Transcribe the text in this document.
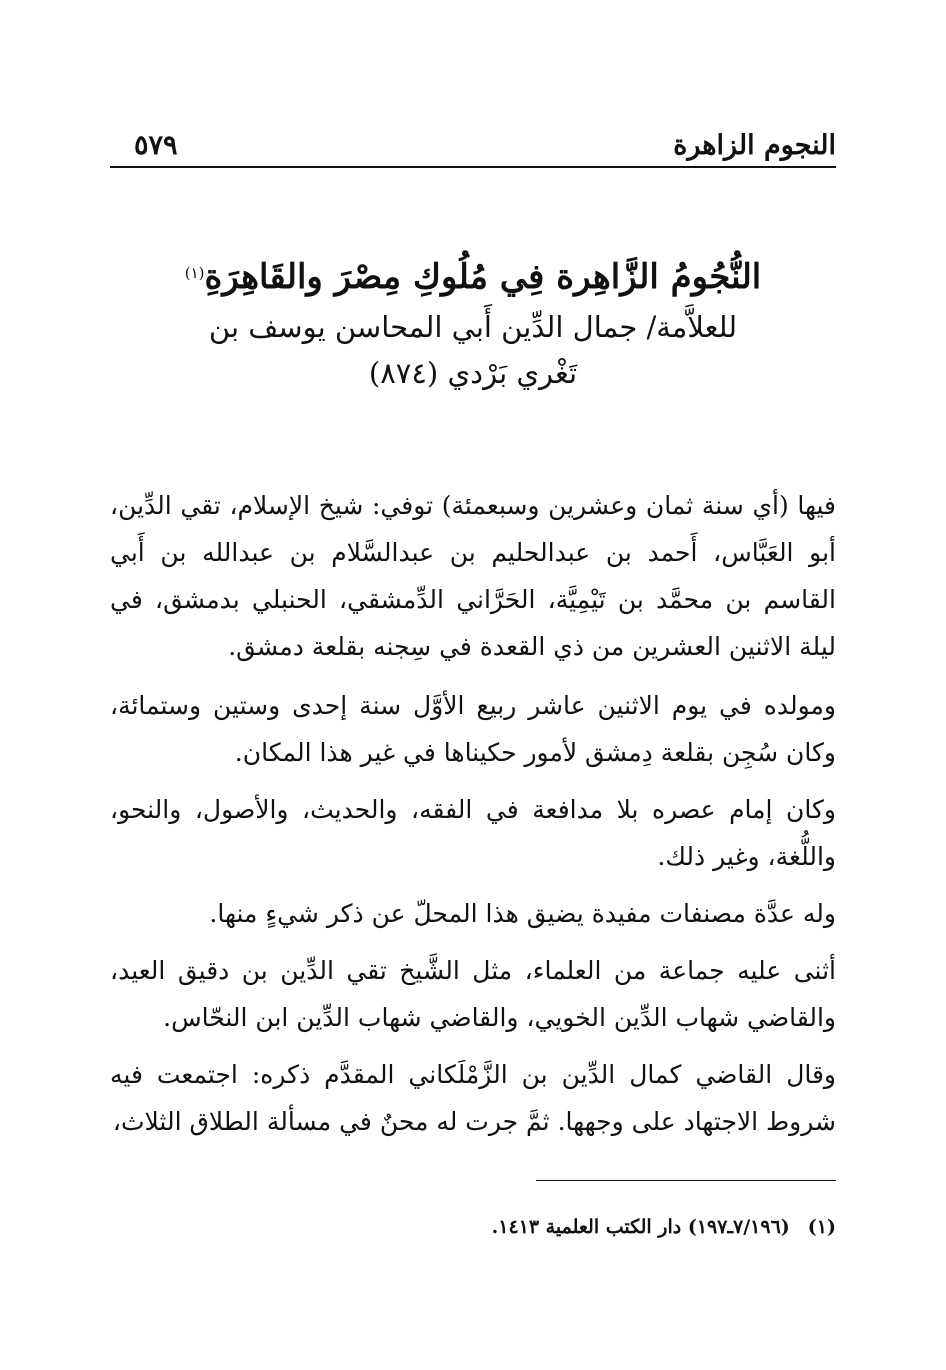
النجوم الزاهرة
٥٧٩

النُّجُومُ الزَّاهِرة فِي مُلُوكِ مِصْرَ والقَاهِرَةِ$^{(١)}$

للعلاَّمة/ جمال الدِّين أَبي المحاسن يوسف بن

تَغْري بَرْدي (٨٧٤)

فيها (أي سنة ثمان وعشرين وسبعمئة) توفي: شيخ الإسلام، تقي الدِّين، أبو العَبَّاس، أَحمد بن عبدالحليم بن عبدالسَّلام بن عبدالله بن أَبي القاسم بن محمَّد بن تَيْمِيَّة، الحَرَّاني الدِّمشقي، الحنبلي بدمشق، في ليلة الاثنين العشرين من ذي القعدة في سِجنه بقلعة دمشق.

ومولده في يوم الاثنين عاشر ربيع الأوَّل سنة إحدى وستين وستمائة، وكان سُجِن بقلعة دِمشق لأمور حكيناها في غير هذا المكان.

وكان إمام عصره بلا مدافعة في الفقه، والحديث، والأصول، والنحو، واللُّغة، وغير ذلك.

وله عدَّة مصنفات مفيدة يضيق هذا المحلّ عن ذكر شيءٍ منها.

أثنى عليه جماعة من العلماء، مثل الشَّيخ تقي الدِّين بن دقيق العيد، والقاضي شهاب الدِّين الخويي، والقاضي شهاب الدِّين ابن النحّاس.

وقال القاضي كمال الدِّين بن الزَّمْلَكاني المقدَّم ذكره: اجتمعت فيه شروط الاجتهاد على وجهها. ثمَّ جرت له محنٌ في مسألة الطلاق الثلاث،

(١)(٧/١٩٦ـ١٩٧) دار الكتب العلمية ١٤١٣.
